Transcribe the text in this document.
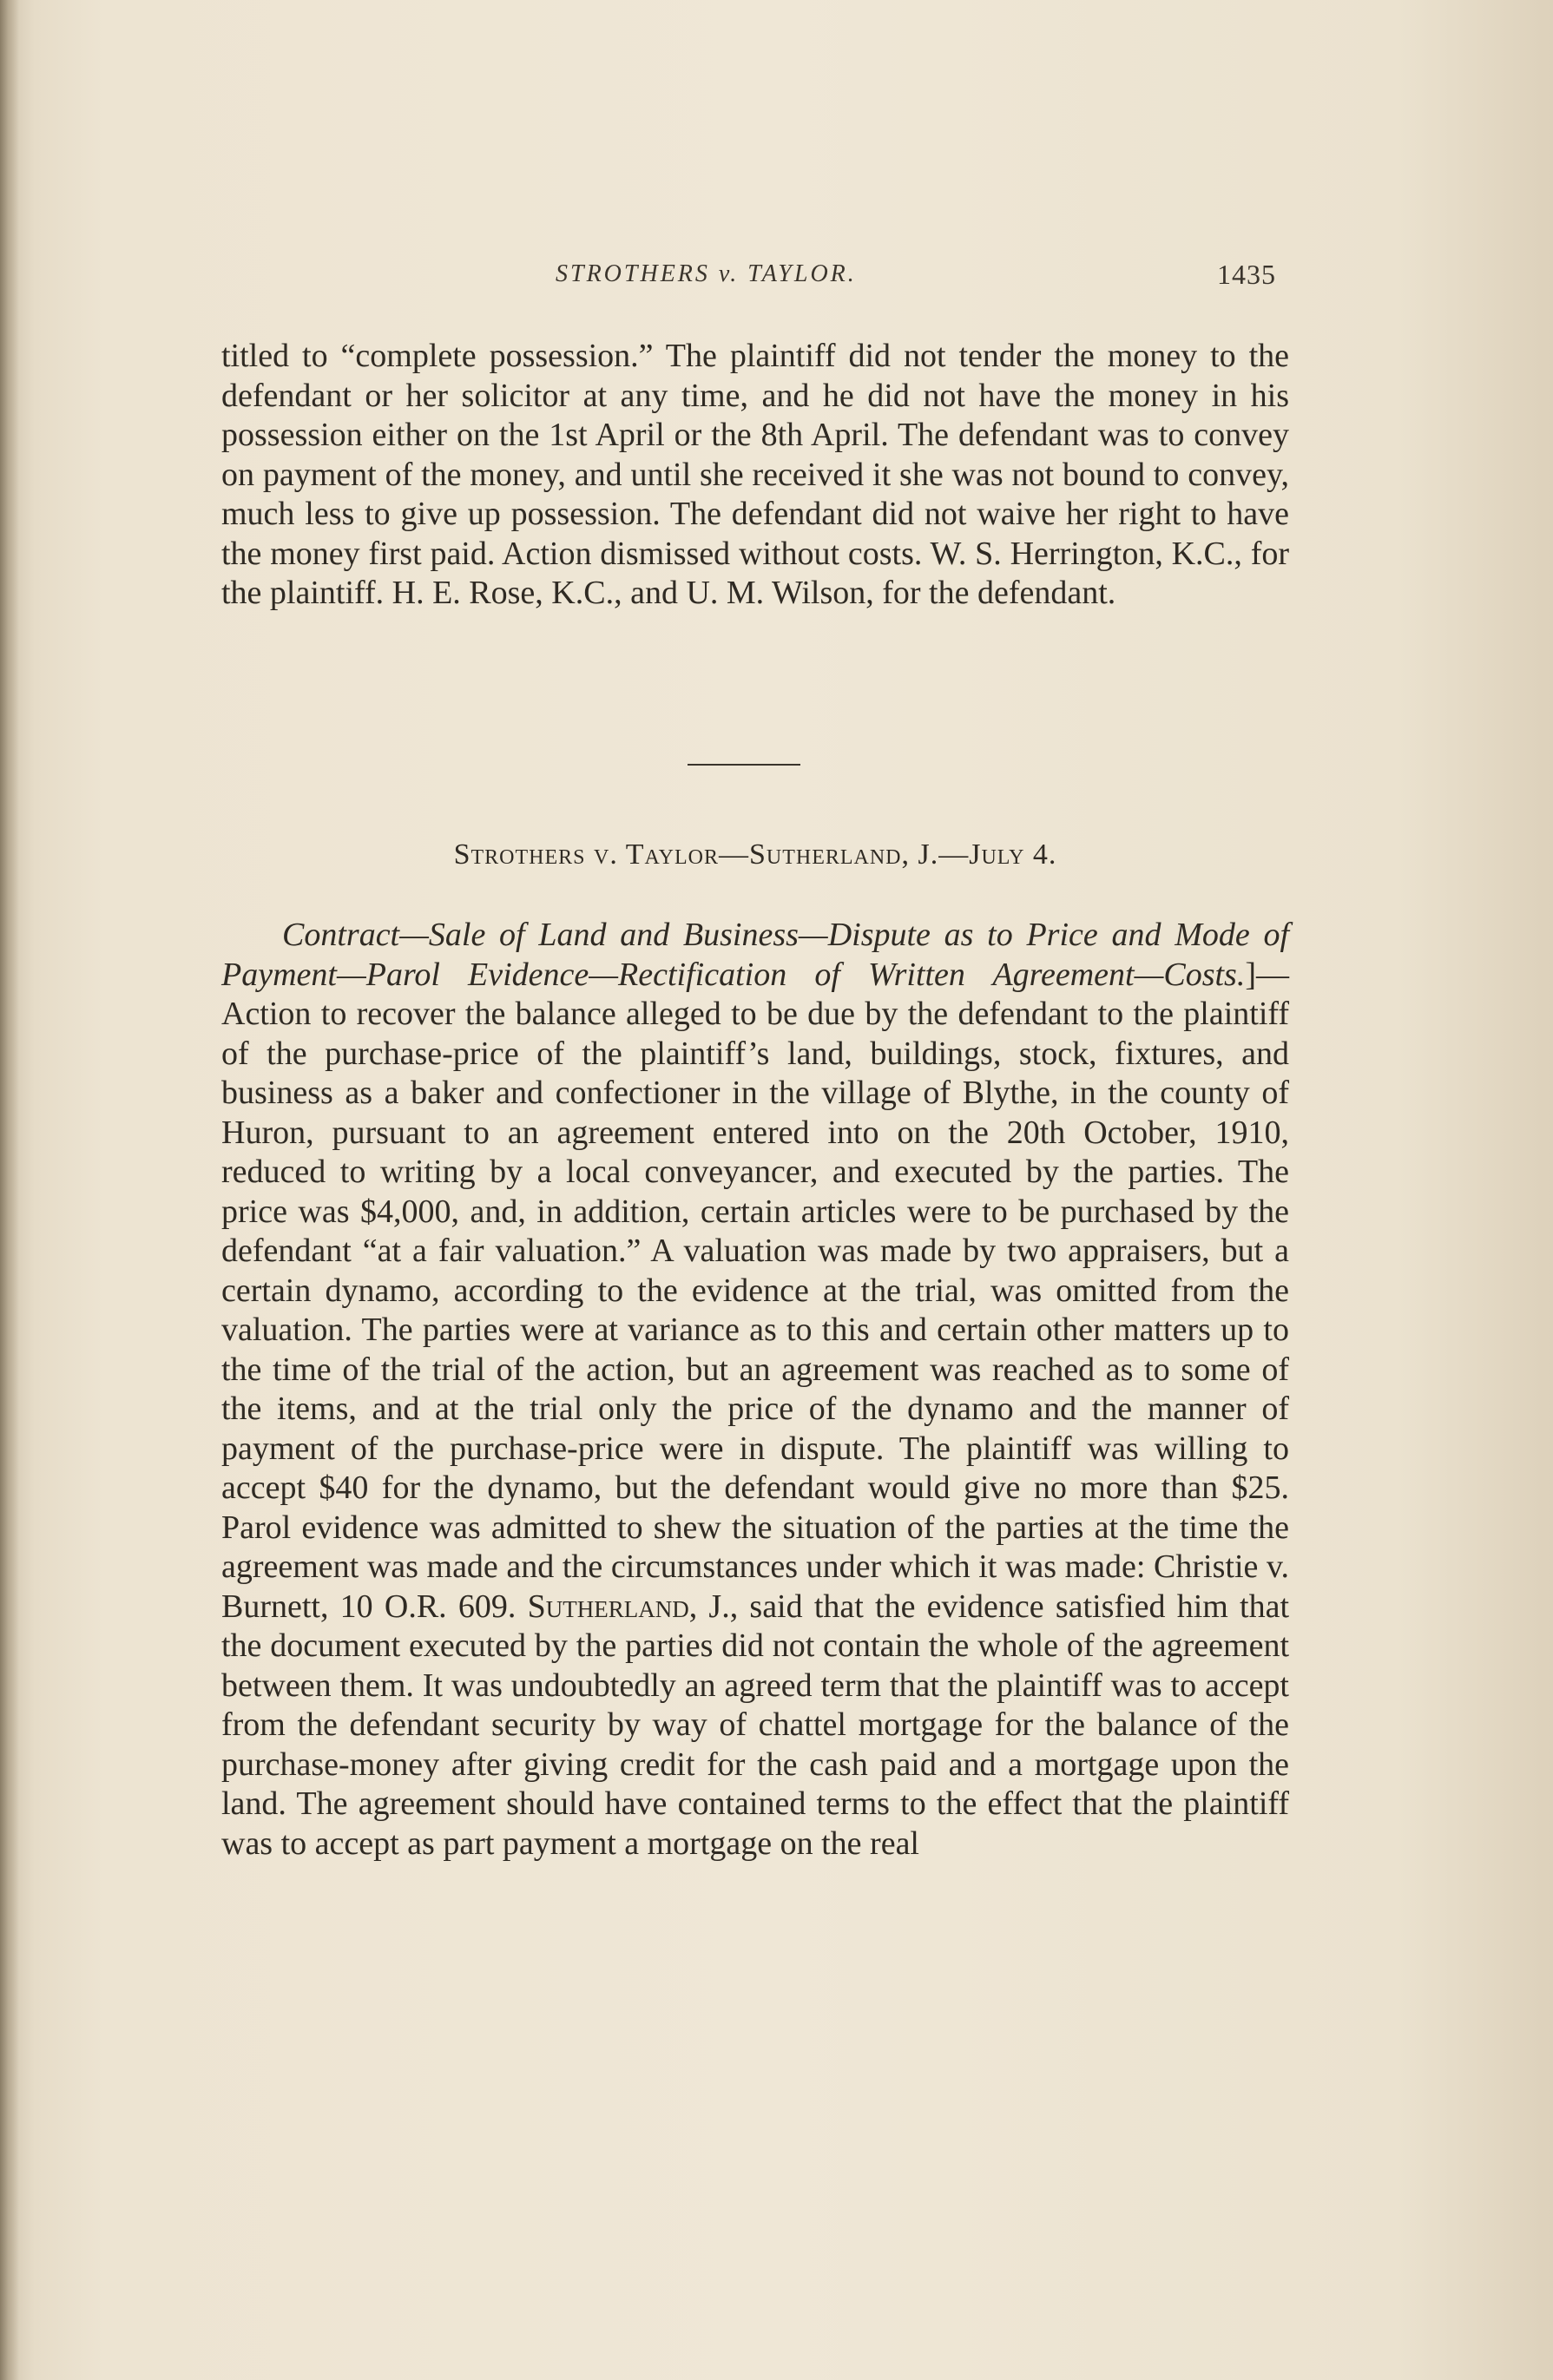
STROTHERS v. TAYLOR.	1435
titled to “complete possession.” The plaintiff did not tender the money to the defendant or her solicitor at any time, and he did not have the money in his possession either on the 1st April or the 8th April. The defendant was to convey on payment of the money, and until she received it she was not bound to convey, much less to give up possession. The defendant did not waive her right to have the money first paid. Action dismissed without costs. W. S. Herrington, K.C., for the plaintiff. H. E. Rose, K.C., and U. M. Wilson, for the defendant.
Strothers v. Taylor—Sutherland, J.—July 4.
Contract—Sale of Land and Business—Dispute as to Price and Mode of Payment—Parol Evidence—Rectification of Written Agreement—Costs.]—Action to recover the balance alleged to be due by the defendant to the plaintiff of the purchase-price of the plaintiff’s land, buildings, stock, fixtures, and business as a baker and confectioner in the village of Blythe, in the county of Huron, pursuant to an agreement entered into on the 20th October, 1910, reduced to writing by a local conveyancer, and executed by the parties. The price was $4,000, and, in addition, certain articles were to be purchased by the defendant “at a fair valuation.” A valuation was made by two appraisers, but a certain dynamo, according to the evidence at the trial, was omitted from the valuation. The parties were at variance as to this and certain other matters up to the time of the trial of the action, but an agreement was reached as to some of the items, and at the trial only the price of the dynamo and the manner of payment of the purchase-price were in dispute. The plaintiff was willing to accept $40 for the dynamo, but the defendant would give no more than $25. Parol evidence was admitted to shew the situation of the parties at the time the agreement was made and the circumstances under which it was made: Christie v. Burnett, 10 O.R. 609. Sutherland, J., said that the evidence satisfied him that the document executed by the parties did not contain the whole of the agreement between them. It was undoubtedly an agreed term that the plaintiff was to accept from the defendant security by way of chattel mortgage for the balance of the purchase-money after giving credit for the cash paid and a mortgage upon the land. The agreement should have contained terms to the effect that the plaintiff was to accept as part payment a mortgage on the real
